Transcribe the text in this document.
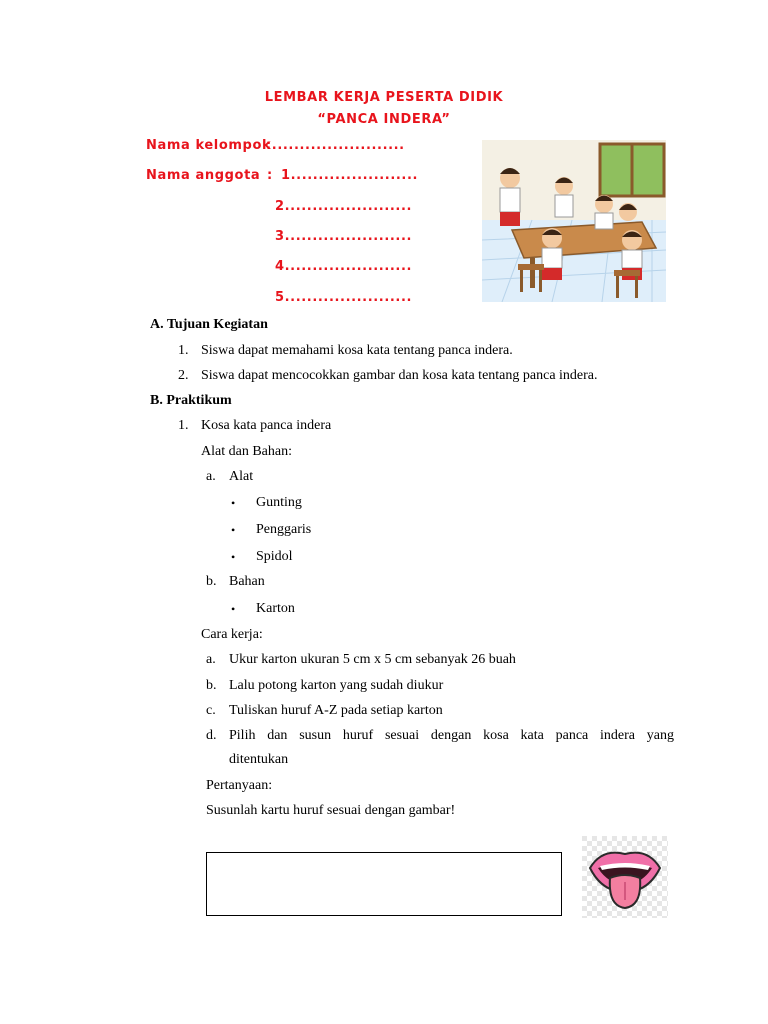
LEMBAR KERJA PESERTA DIDIK
“PANCA INDERA”
Nama kelompok
:........................
Nama anggota : 1.......................
2.......................
3.......................
4.......................
5.......................
A. Tujuan Kegiatan
1. Siswa dapat memahami kosa kata tentang panca indera.
2. Siswa dapat mencocokkan gambar dan kosa kata tentang panca indera.
B. Praktikum
1. Kosa kata panca indera
Alat dan Bahan:
a. Alat
• Gunting
• Penggaris
• Spidol
b. Bahan
• Karton
Cara kerja:
a. Ukur karton ukuran 5 cm x 5 cm sebanyak 26 buah
b. Lalu potong karton yang sudah diukur
c. Tuliskan huruf A-Z pada setiap karton
d. Pilih dan susun huruf sesuai dengan kosa kata panca indera yang
ditentukan
Pertanyaan:
Susunlah kartu huruf sesuai dengan gambar!
